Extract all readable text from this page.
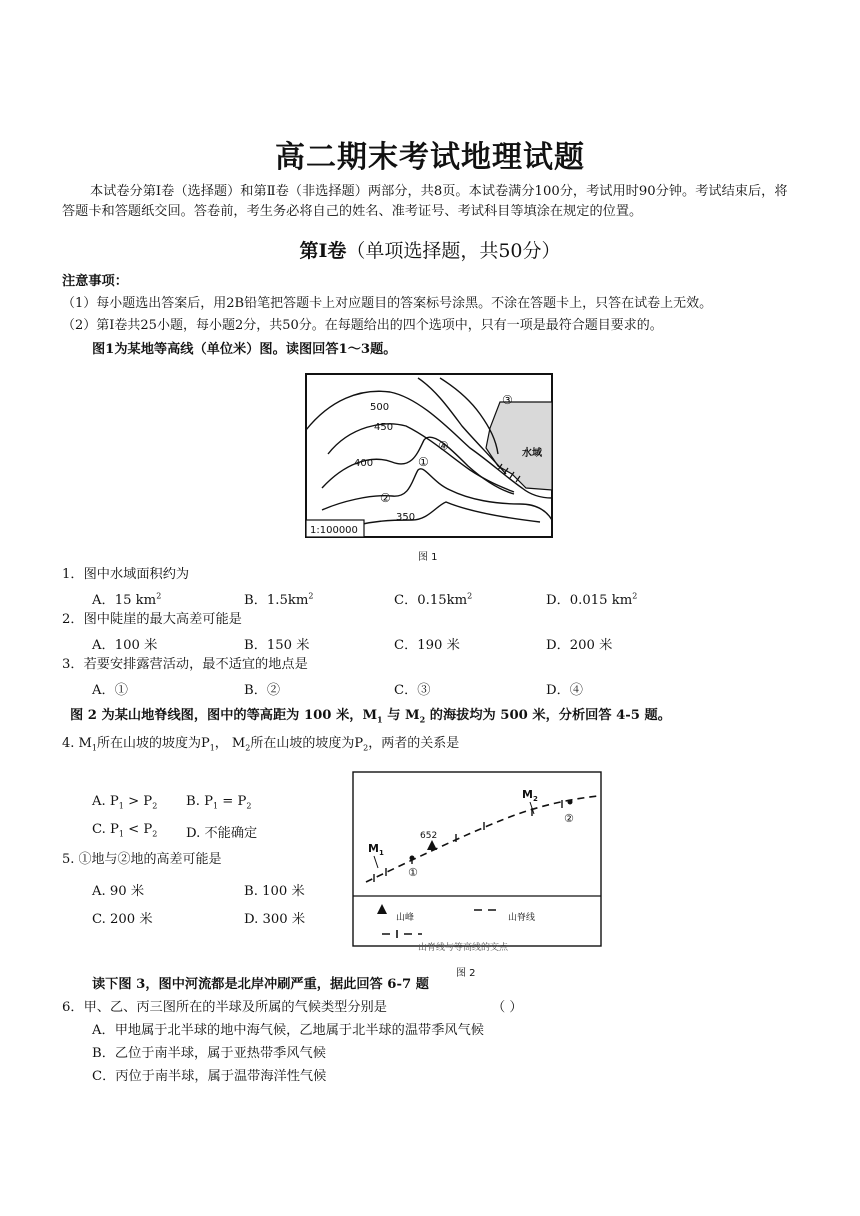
高二期末考试地理试题
本试卷分第Ⅰ卷（选择题）和第Ⅱ卷（非选择题）两部分，共8页。本试卷满分100分，考试用时90分钟。考试结束后，将答题卡和答题纸交回。答卷前，考生务必将自己的姓名、准考证号、考试科目等填涂在规定的位置。
第Ⅰ卷（单项选择题，共50分）
注意事项：
（1）每小题选出答案后，用2B铅笔把答题卡上对应题目的答案标号涂黑。不涂在答题卡上，只答在试卷上无效。
（2）第Ⅰ卷共25小题，每小题2分，共50分。在每题给出的四个选项中，只有一项是最符合题目要求的。
图1为某地等高线（单位米）图。读图回答1～3题。
500
450
400
350
①
②
③
④
水域
1:100000
图 1
1．图中水域面积约为
A．15 $km^2$	B．$1.5km^2$	C．$0.15km^2$	D．0.015 $km^2$
2．图中陡崖的最大高差可能是
A．100 米	B．150 米	C．190 米	D．200 米
3．若要安排露营活动，最不适宜的地点是
A．①	B．②	C．③	D．④
图 2 为某山地脊线图，图中的等高距为 100 米，$M_1$ 与 $M_2$ 的海拔均为 500 米，分析回答 4-5 题。
4. $M_1$所在山坡的坡度为$P_1$， $M_2$所在山坡的坡度为$P_2$，两者的关系是
A. $P_1 > P_2$ B. $P_1 = P_2$
C. $P_1 < P_2$ D. 不能确定
5. ①地与②地的高差可能是
A. 90 米	B. 100 米
C. 200 米	D. 300 米
652
①
②
$M_1$
$M_2$
山峰	山脊线
山脊线与等高线的交点
图 2
读下图 3，图中河流都是北岸冲刷严重，据此回答 6-7 题
6．甲、乙、丙三图所在的半球及所属的气候类型分别是	（ ）
A．甲地属于北半球的地中海气候，乙地属于北半球的温带季风气候
B．乙位于南半球，属于亚热带季风气候
C．丙位于南半球，属于温带海洋性气候
